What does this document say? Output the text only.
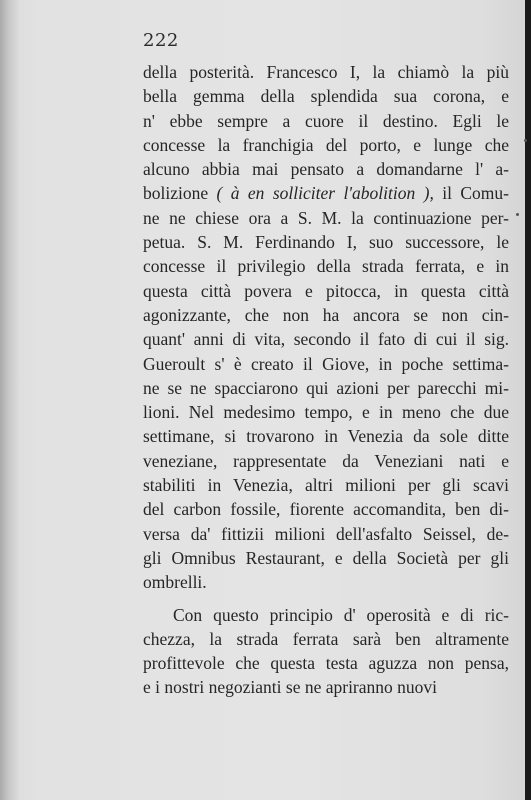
222
della posterità. Francesco I, la chiamò la più
bella gemma della splendida sua corona, e
n' ebbe sempre a cuore il destino. Egli le
concesse la franchigia del porto, e lunge che
alcuno abbia mai pensato a domandarne l' a-
bolizione ( à en solliciter l'abolition ), il Comu-
ne ne chiese ora a S. M. la continuazione per-
petua. S. M. Ferdinando I, suo successore, le
concesse il privilegio della strada ferrata, e in
questa città povera e pitocca, in questa città
agonizzante, che non ha ancora se non cin-
quant' anni di vita, secondo il fato di cui il sig.
Gueroult s' è creato il Giove, in poche settima-
ne se ne spacciarono qui azioni per parecchi mi-
lioni. Nel medesimo tempo, e in meno che due
settimane, si trovarono in Venezia da sole ditte
veneziane, rappresentate da Veneziani nati e
stabiliti in Venezia, altri milioni per gli scavi
del carbon fossile, fiorente accomandita, ben di-
versa da' fittizii milioni dell'asfalto Seissel, de-
gli Omnibus Restaurant, e della Società per gli
ombrelli.
Con questo principio d' operosità e di ric-
chezza, la strada ferrata sarà ben altramente
profittevole che questa testa aguzza non pensa,
e i nostri negozianti se ne apriranno nuovi
